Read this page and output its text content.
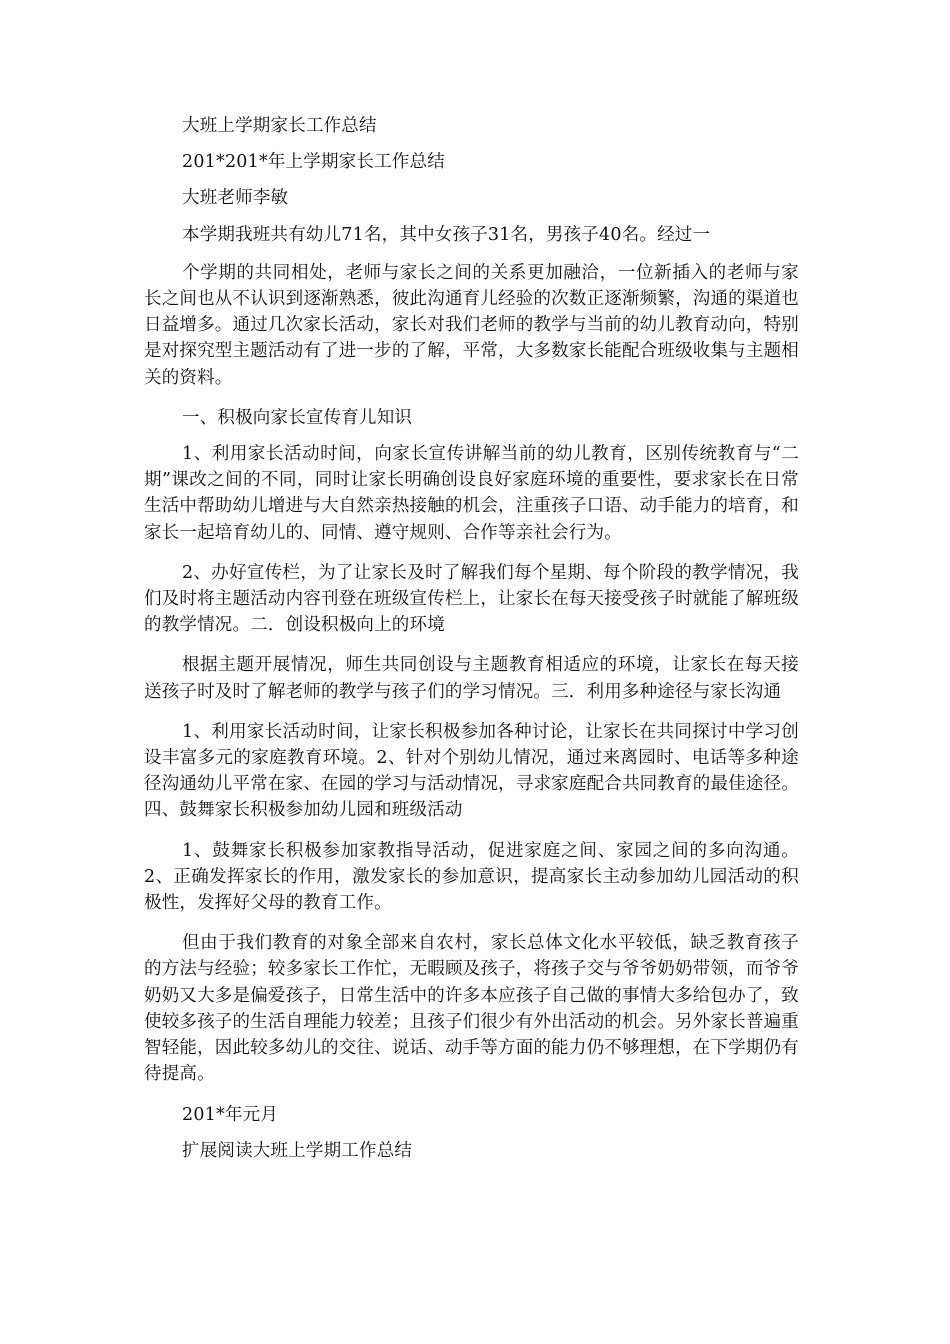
大班上学期家长工作总结

201*201*年上学期家长工作总结

大班老师李敏

本学期我班共有幼儿71名，其中女孩子31名，男孩子40名。经过一

个学期的共同相处，老师与家长之间的关系更加融洽，一位新插入的老师与家长之间也从不认识到逐渐熟悉，彼此沟通育儿经验的次数正逐渐频繁，沟通的渠道也日益增多。通过几次家长活动，家长对我们老师的教学与当前的幼儿教育动向，特别是对探究型主题活动有了进一步的了解，平常，大多数家长能配合班级收集与主题相关的资料。

一、积极向家长宣传育儿知识

1、利用家长活动时间，向家长宣传讲解当前的幼儿教育，区别传统教育与“二期”课改之间的不同，同时让家长明确创设良好家庭环境的重要性，要求家长在日常生活中帮助幼儿增进与大自然亲热接触的机会，注重孩子口语、动手能力的培育，和家长一起培育幼儿的、同情、遵守规则、合作等亲社会行为。

2、办好宣传栏，为了让家长及时了解我们每个星期、每个阶段的教学情况，我们及时将主题活动内容刊登在班级宣传栏上，让家长在每天接受孩子时就能了解班级的教学情况。二．创设积极向上的环境

根据主题开展情况，师生共同创设与主题教育相适应的环境，让家长在每天接送孩子时及时了解老师的教学与孩子们的学习情况。三．利用多种途径与家长沟通

1、利用家长活动时间，让家长积极参加各种讨论，让家长在共同探讨中学习创设丰富多元的家庭教育环境。2、针对个别幼儿情况，通过来离园时、电话等多种途径沟通幼儿平常在家、在园的学习与活动情况，寻求家庭配合共同教育的最佳途径。四、鼓舞家长积极参加幼儿园和班级活动

1、鼓舞家长积极参加家教指导活动，促进家庭之间、家园之间的多向沟通。2、正确发挥家长的作用，激发家长的参加意识，提高家长主动参加幼儿园活动的积极性，发挥好父母的教育工作。

但由于我们教育的对象全部来自农村，家长总体文化水平较低，缺乏教育孩子的方法与经验；较多家长工作忙，无暇顾及孩子，将孩子交与爷爷奶奶带领，而爷爷奶奶又大多是偏爱孩子，日常生活中的许多本应孩子自己做的事情大多给包办了，致使较多孩子的生活自理能力较差；且孩子们很少有外出活动的机会。另外家长普遍重智轻能，因此较多幼儿的交往、说话、动手等方面的能力仍不够理想，在下学期仍有待提高。

201*年元月

扩展阅读大班上学期工作总结
